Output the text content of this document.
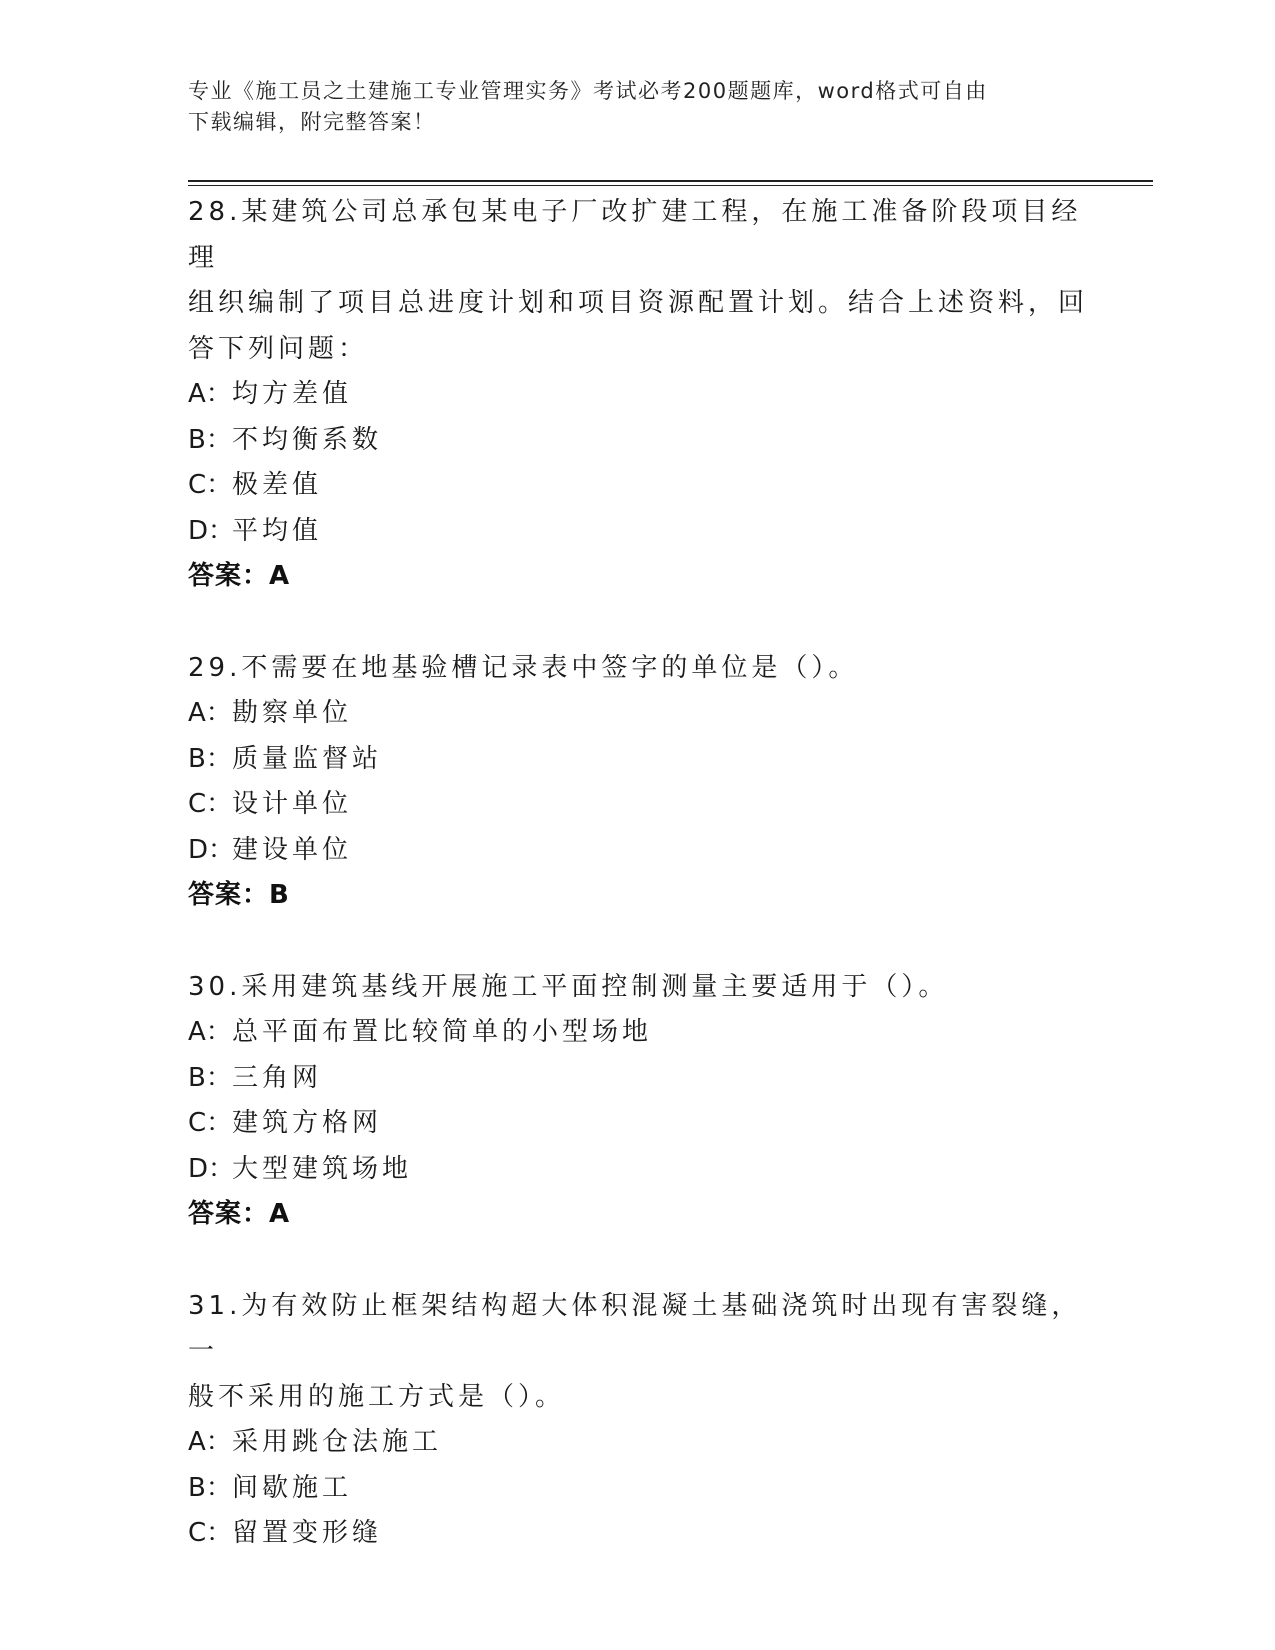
专业《施工员之土建施工专业管理实务》考试必考200题题库，word格式可自由
下载编辑，附完整答案！
28.某建筑公司总承包某电子厂改扩建工程，在施工准备阶段项目经理
组织编制了项目总进度计划和项目资源配置计划。结合上述资料，回
答下列问题：
A： 均方差值
B： 不均衡系数
C： 极差值
D：
平均值
答案：A
29.不需要在地基验槽记录表中签字的单位是（）。
A： 勘察单位
B： 质量监督站
C： 设计单位
D：
建设单位
答案：B
30.采用建筑基线开展施工平面控制测量主要适用于（）。
A： 总平面布置比较简单的小型场地
B： 三角网
C： 建筑方格网
D：
大型建筑场地
答案：A
31.为有效防止框架结构超大体积混凝土基础浇筑时出现有害裂缝，一
般不采用的施工方式是（）。
A： 采用跳仓法施工
B： 间歇施工
C： 留置变形缝
